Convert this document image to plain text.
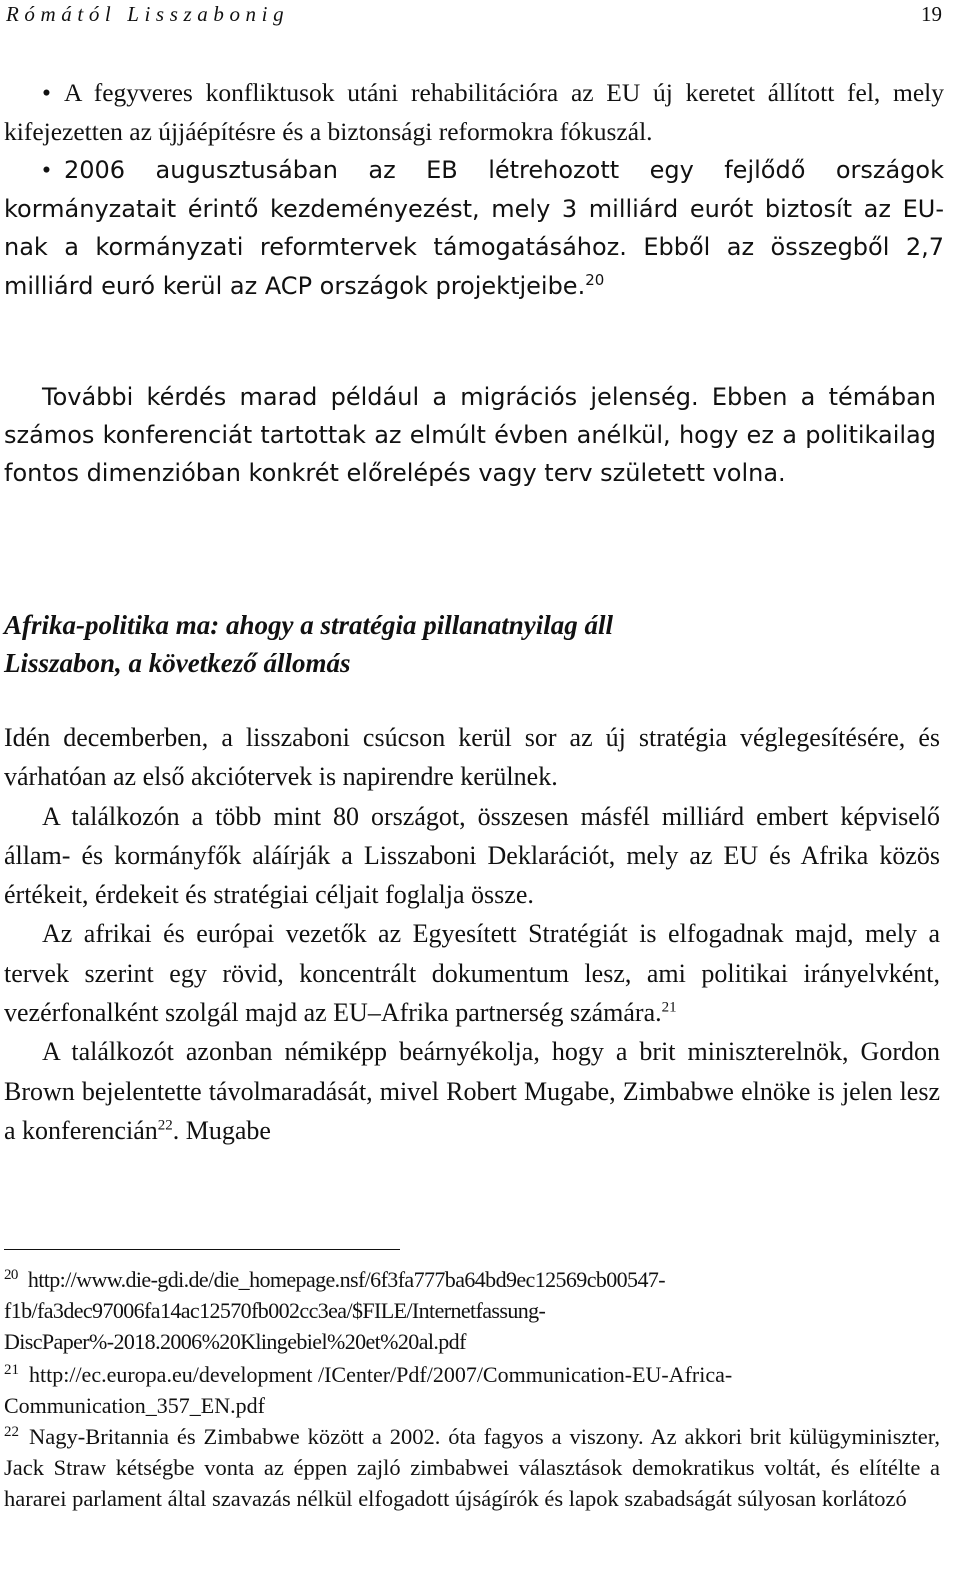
Rómától Lisszabonig	19
• A fegyveres konfliktusok utáni rehabilitációra az EU új keretet állított fel, mely kifejezetten az újjáépítésre és a biztonsági reformokra fókuszál.
• 2006 augusztusában az EB létrehozott egy fejlődő országok kormányzatait érintő kezdeményezést, mely 3 milliárd eurót biztosít az EU-nak a kormányzati reformtervek támogatásához. Ebből az összegből 2,7 milliárd euró kerül az ACP országok projektjeibe.$^{20}$

További kérdés marad például a migrációs jelenség. Ebben a témában számos konferenciát tartottak az elmúlt évben anélkül, hogy ez a politikailag fontos dimenzióban konkrét előrelépés vagy terv született volna.

Afrika-politika ma: ahogy a stratégia pillanatnyilag áll
Lisszabon, a következő állomás

Idén decemberben, a lisszaboni csúcson kerül sor az új stratégia véglegesítésére, és várhatóan az első akciótervek is napirendre kerülnek.

A találkozón a több mint 80 országot, összesen másfél milliárd embert képviselő állam- és kormányfők aláírják a Lisszaboni Deklarációt, mely az EU és Afrika közös értékeit, érdekeit és stratégiai céljait foglalja össze.

Az afrikai és európai vezetők az Egyesített Stratégiát is elfogadnak majd, mely a tervek szerint egy rövid, koncentrált dokumentum lesz, ami politikai irányelvként, vezérfonalként szolgál majd az EU–Afrika partnerség számára.$^{21}$

A találkozót azonban némiképp beárnyékolja, hogy a brit miniszterelnök, Gordon Brown bejelentette távolmaradását, mivel Robert Mugabe, Zimbabwe elnöke is jelen lesz a konferencián$^{22}$. Mugabe

$^{20}$ http://www.die-gdi.de/die_homepage.nsf/6f3fa777ba64bd9ec12569cb00547-f1b/fa3dec97006fa14ac12570fb002cc3ea/$FILE/Internetfassung-DiscPaper%-2018.2006%20Klingebiel%20et%20al.pdf

$^{21}$ http://ec.europa.eu/development /ICenter/Pdf/2007/Communication-EU-Africa-Communication_357_EN.pdf

$^{22}$ Nagy-Britannia és Zimbabwe között a 2002. óta fagyos a viszony. Az akkori brit külügyminiszter, Jack Straw kétségbe vonta az éppen zajló zimbabwei választások demokratikus voltát, és elítélte a hararei parlament által szavazás nélkül elfogadott újságírók és lapok szabadságát súlyosan korlátozó
